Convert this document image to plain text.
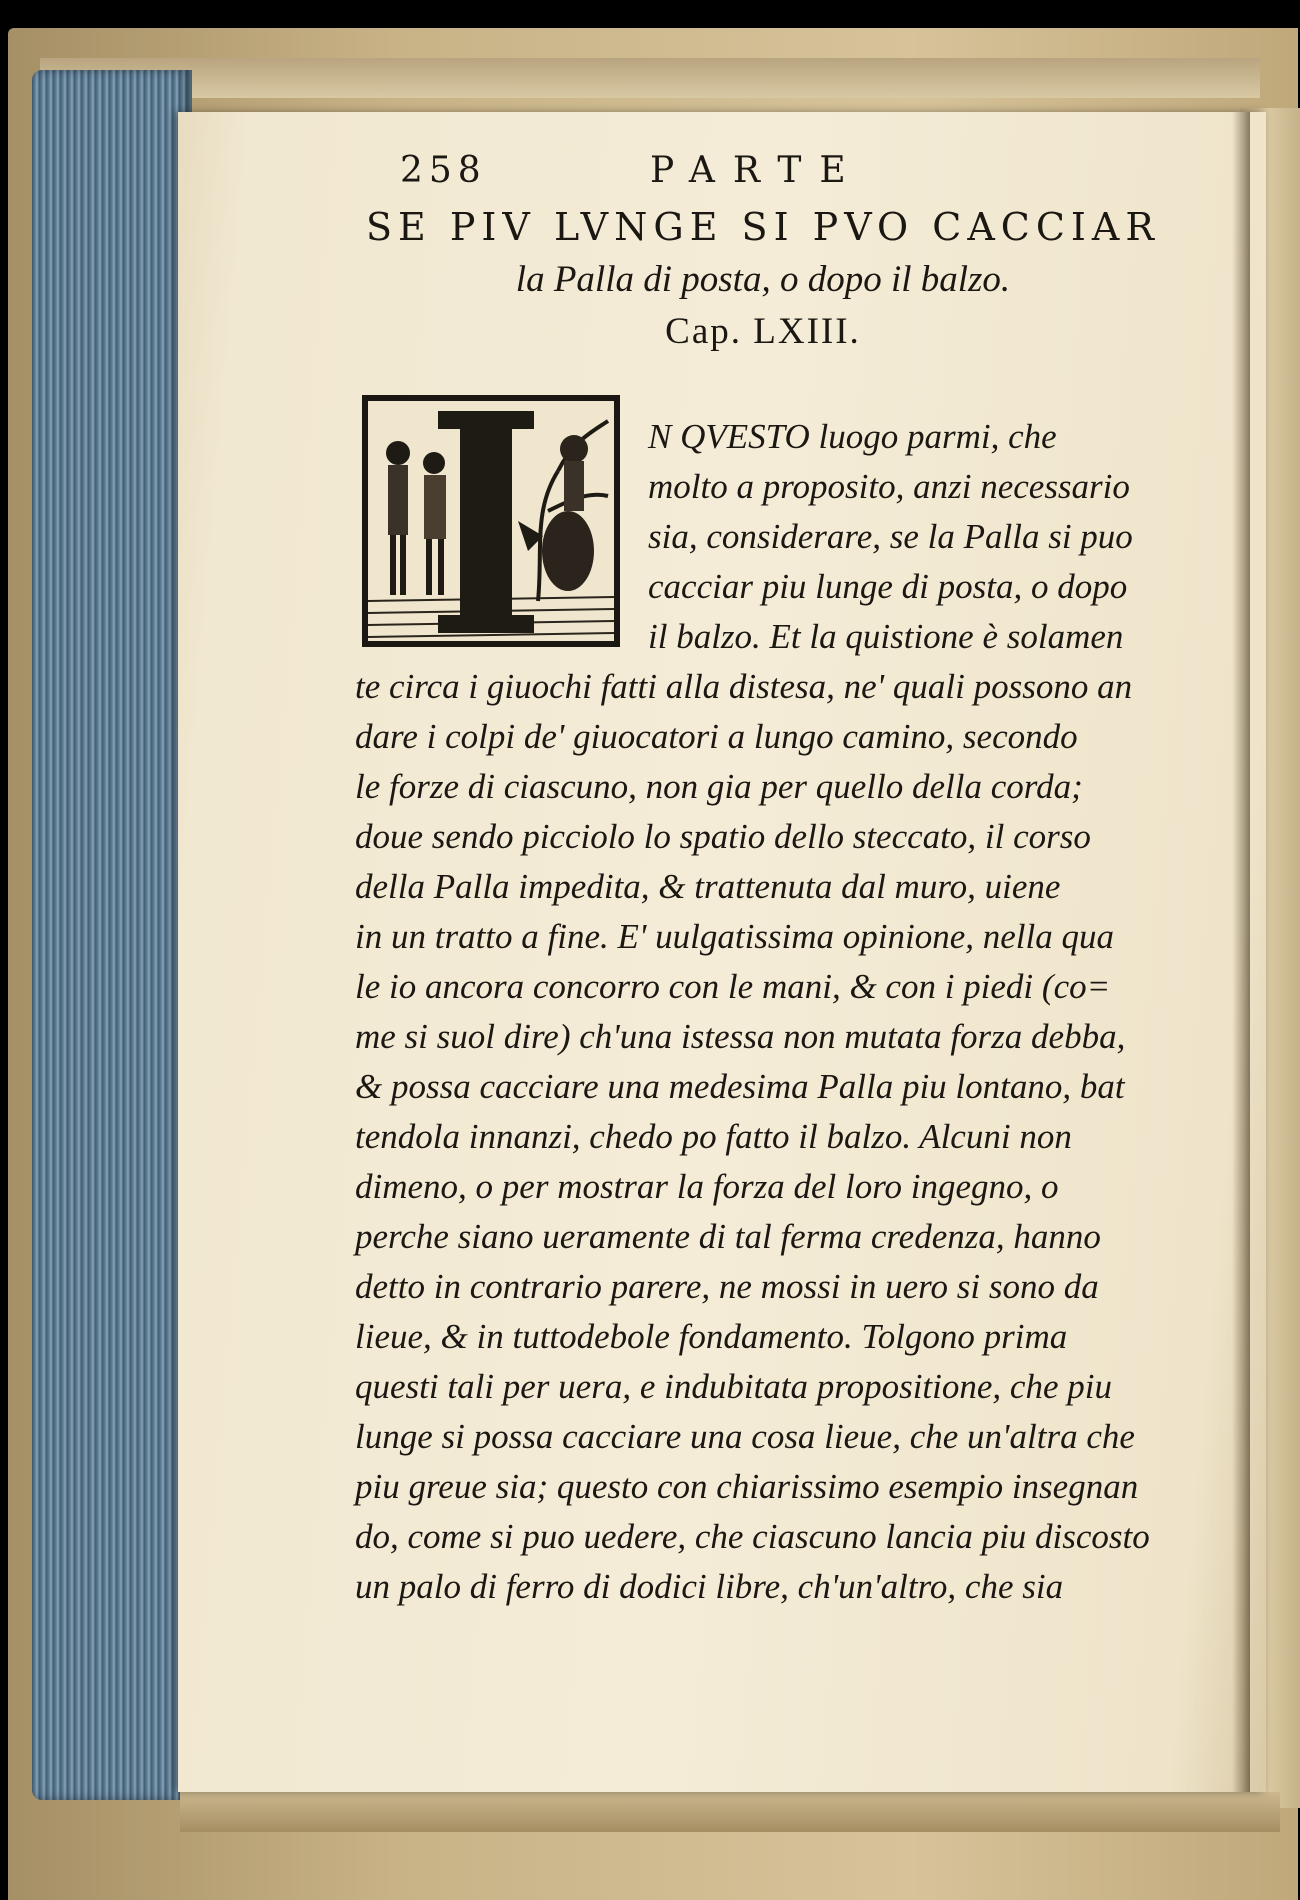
258	PARTE
SE PIV LVNGE SI PVO CACCIAR
la Palla di posta, o dopo il balzo.
Cap. LXIII.
N QVESTO luogo parmi, che
molto a proposito, anzi necessario
sia, considerare, se la Palla si puo
cacciar piu lunge di posta, o dopo
il balzo. Et la quistione è solamen
te circa i giuochi fatti alla distesa, ne' quali possono an
dare i colpi de' giuocatori a lungo camino, secondo
le forze di ciascuno, non gia per quello della corda;
doue sendo picciolo lo spatio dello steccato, il corso
della Palla impedita, & trattenuta dal muro, uiene
in un tratto a fine. E' uulgatissima opinione, nella qua
le io ancora concorro con le mani, & con i piedi (co=
me si suol dire) ch'una istessa non mutata forza debba,
& possa cacciare una medesima Palla piu lontano, bat
tendola innanzi, chedo po fatto il balzo. Alcuni non
dimeno, o per mostrar la forza del loro ingegno, o
perche siano ueramente di tal ferma credenza, hanno
detto in contrario parere, ne mossi in uero si sono da
lieue, & in tuttodebole fondamento. Tolgono prima
questi tali per uera, e indubitata propositione, che piu
lunge si possa cacciare una cosa lieue, che un'altra che
piu greue sia; questo con chiarissimo esempio insegnan
do, come si puo uedere, che ciascuno lancia piu discosto
un palo di ferro di dodici libre, ch'un'altro, che sia
